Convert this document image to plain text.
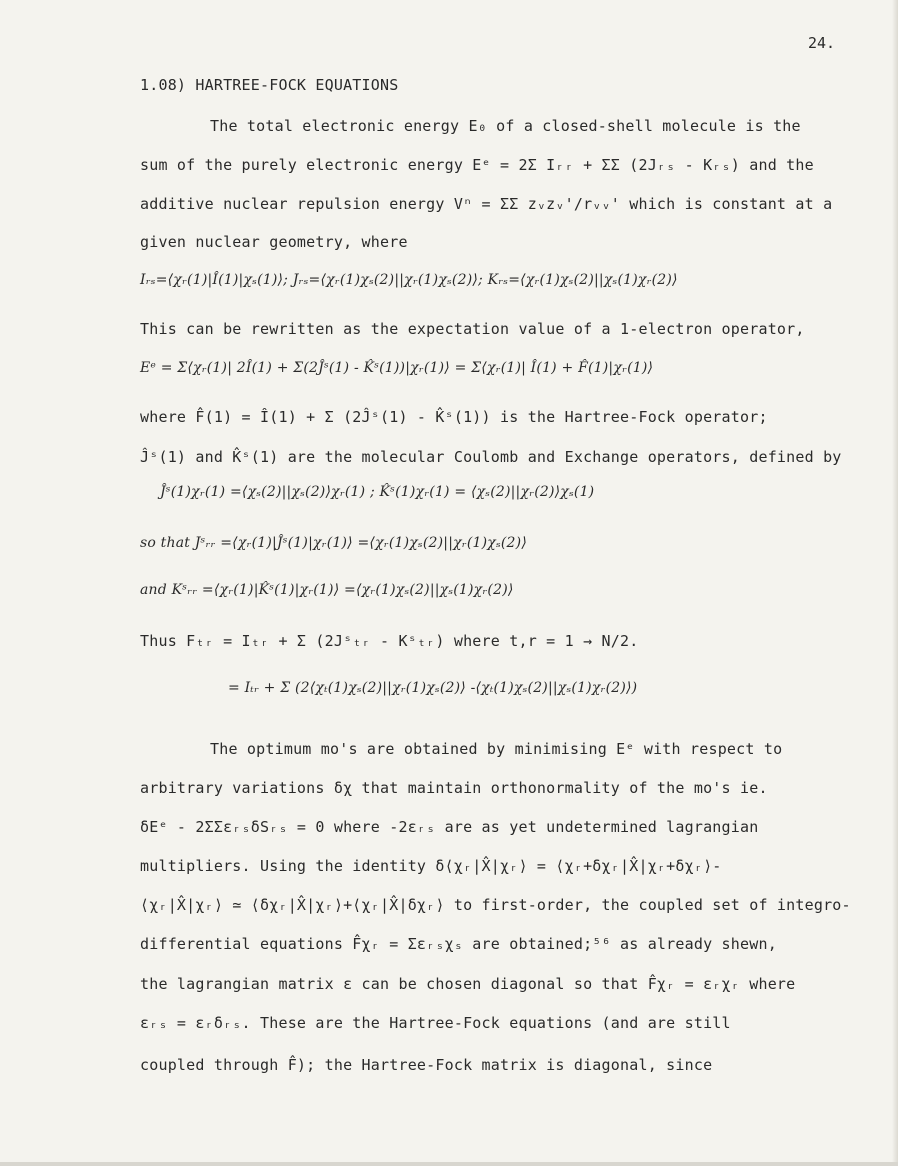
24.
1.08) HARTREE-FOCK EQUATIONS
The total electronic energy E₀ of a closed-shell molecule is the
sum of the purely electronic energy Eᵉ = 2Σ Iᵣᵣ + ΣΣ (2Jᵣₛ - Kᵣₛ) and the
additive nuclear repulsion energy Vⁿ = ΣΣ zᵥzᵥ'/rᵥᵥ' which is constant at a
given nuclear geometry, where
Iᵣₛ=⟨χᵣ(1)|Î(1)|χₛ(1)⟩; Jᵣₛ=⟨χᵣ(1)χₛ(2)||χᵣ(1)χₛ(2)⟩; Kᵣₛ=⟨χᵣ(1)χₛ(2)||χₛ(1)χᵣ(2)⟩
This can be rewritten as the expectation value of a 1-electron operator,
Eᵉ = Σ⟨χᵣ(1)| 2Î(1) + Σ(2Ĵˢ(1) - K̂ˢ(1))|χᵣ(1)⟩ = Σ⟨χᵣ(1)| Î(1) + F̂(1)|χᵣ(1)⟩
where F̂(1) = Î(1) + Σ (2Ĵˢ(1) - K̂ˢ(1)) is the Hartree-Fock operator;
Ĵˢ(1) and K̂ˢ(1) are the molecular Coulomb and Exchange operators, defined by
Ĵˢ(1)χᵣ(1) =⟨χₛ(2)||χₛ(2)⟩χᵣ(1) ; K̂ˢ(1)χᵣ(1) = ⟨χₛ(2)||χᵣ(2)⟩χₛ(1)
so that Jˢᵣᵣ =⟨χᵣ(1)|Ĵˢ(1)|χᵣ(1)⟩ =⟨χᵣ(1)χₛ(2)||χᵣ(1)χₛ(2)⟩
and Kˢᵣᵣ =⟨χᵣ(1)|K̂ˢ(1)|χᵣ(1)⟩ =⟨χᵣ(1)χₛ(2)||χₛ(1)χᵣ(2)⟩
Thus Fₜᵣ = Iₜᵣ + Σ (2Jˢₜᵣ - Kˢₜᵣ) where t,r = 1 → N/2.
= Iₜᵣ + Σ (2⟨χₜ(1)χₛ(2)||χᵣ(1)χₛ(2)⟩ -⟨χₜ(1)χₛ(2)||χₛ(1)χᵣ(2)⟩)
The optimum mo's are obtained by minimising Eᵉ with respect to
arbitrary variations δχ that maintain orthonormality of the mo's ie.
δEᵉ - 2ΣΣεᵣₛδSᵣₛ = 0 where -2εᵣₛ are as yet undetermined lagrangian
multipliers. Using the identity δ⟨χᵣ|X̂|χᵣ⟩ = ⟨χᵣ+δχᵣ|X̂|χᵣ+δχᵣ⟩-
⟨χᵣ|X̂|χᵣ⟩ ≃ ⟨δχᵣ|X̂|χᵣ⟩+⟨χᵣ|X̂|δχᵣ⟩ to first-order, the coupled set of integro-
differential equations F̂χᵣ = Σεᵣₛχₛ are obtained;⁵⁶ as already shewn,
the lagrangian matrix ε can be chosen diagonal so that F̂χᵣ = εᵣχᵣ where
εᵣₛ = εᵣδᵣₛ. These are the Hartree-Fock equations (and are still
coupled through F̂); the Hartree-Fock matrix is diagonal, since
